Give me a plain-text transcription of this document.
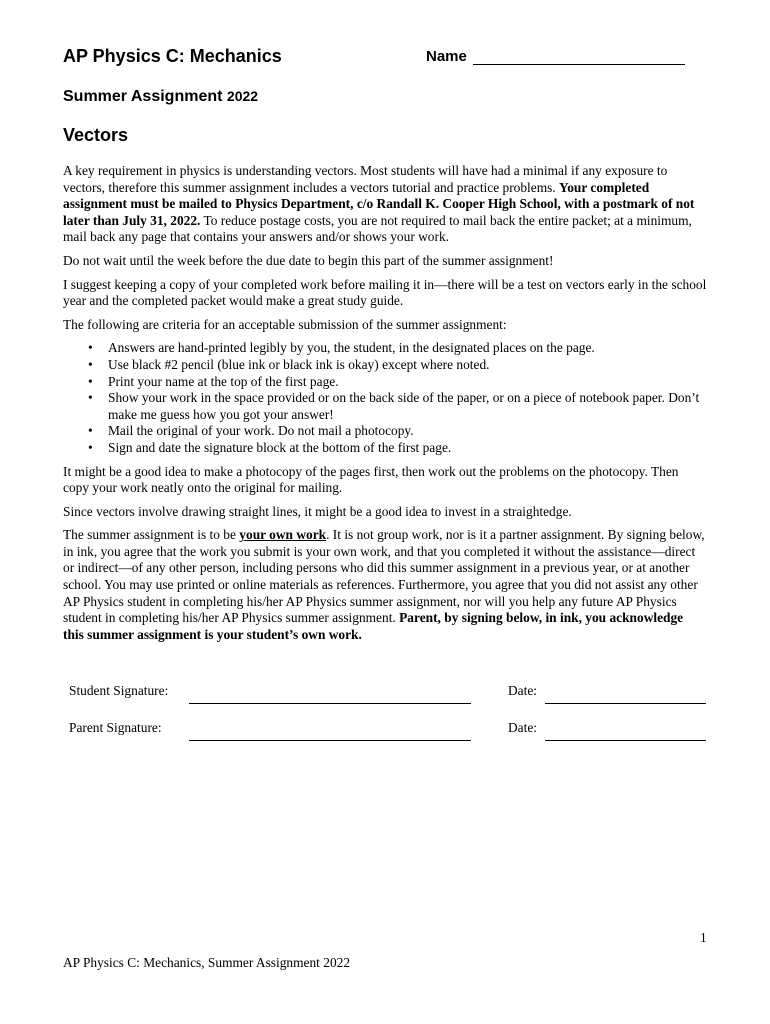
AP Physics C: Mechanics	Name
Summer Assignment 2022
Vectors

A key requirement in physics is understanding vectors. Most students will have had a minimal if any exposure to vectors, therefore this summer assignment includes a vectors tutorial and practice problems. Your completed assignment must be mailed to Physics Department, c/o Randall K. Cooper High School, with a postmark of not later than July 31, 2022. To reduce postage costs, you are not required to mail back the entire packet; at a minimum, mail back any page that contains your answers and/or shows your work.

Do not wait until the week before the due date to begin this part of the summer assignment!

I suggest keeping a copy of your completed work before mailing it in—there will be a test on vectors early in the school year and the completed packet would make a great study guide.

The following are criteria for an acceptable submission of the summer assignment:

• Answers are hand-printed legibly by you, the student, in the designated places on the page.
• Use black #2 pencil (blue ink or black ink is okay) except where noted.
• Print your name at the top of the first page.
• Show your work in the space provided or on the back side of the paper, or on a piece of notebook paper. Don’t make me guess how you got your answer!
• Mail the original of your work. Do not mail a photocopy.
• Sign and date the signature block at the bottom of the first page.

It might be a good idea to make a photocopy of the pages first, then work out the problems on the photocopy. Then copy your work neatly onto the original for mailing.

Since vectors involve drawing straight lines, it might be a good idea to invest in a straightedge.

The summer assignment is to be your own work. It is not group work, nor is it a partner assignment. By signing below, in ink, you agree that the work you submit is your own work, and that you completed it without the assistance—direct or indirect—of any other person, including persons who did this summer assignment in a previous year, or at another school. You may use printed or online materials as references. Furthermore, you agree that you did not assist any other AP Physics student in completing his/her AP Physics summer assignment, nor will you help any future AP Physics student in completing his/her AP Physics summer assignment. Parent, by signing below, in ink, you acknowledge this summer assignment is your student’s own work.

Student Signature:	Date:
Parent Signature:	Date:
1
AP Physics C: Mechanics, Summer Assignment 2022
